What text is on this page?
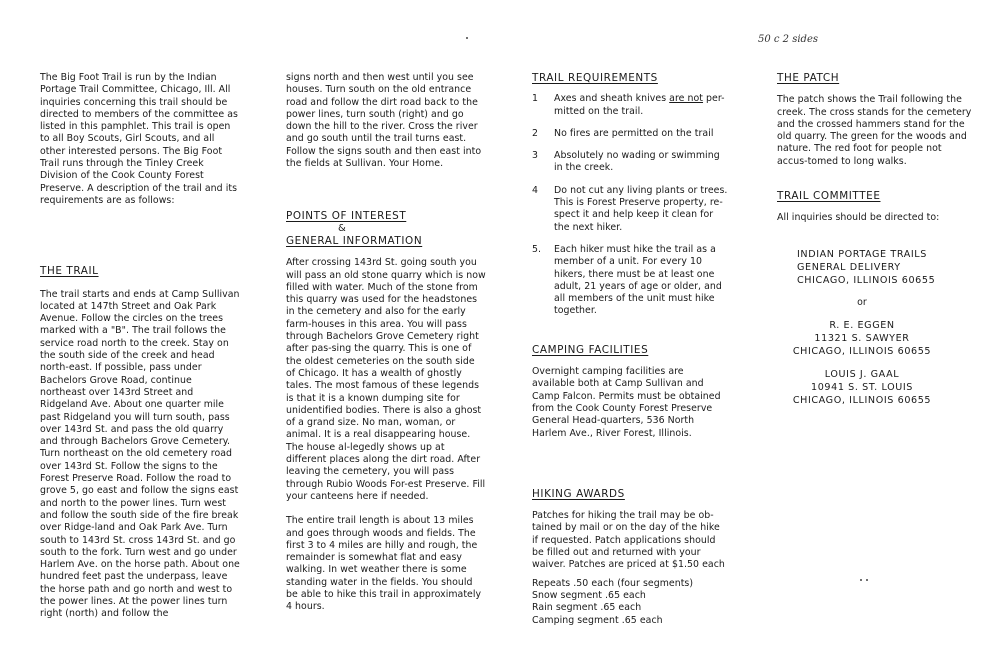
50 c 2 sides

The Big Foot Trail is run by the Indian Portage Trail Committee, Chicago, Ill. All inquiries concerning this trail should be directed to members of the committee as listed in this pamphlet. This trail is open to all Boy Scouts, Girl Scouts, and all other interested persons. The Big Foot Trail runs through the Tinley Creek Division of the Cook County Forest Preserve. A description of the trail and its requirements are as follows:

THE TRAIL

The trail starts and ends at Camp Sullivan located at 147th Street and Oak Park Avenue. Follow the circles on the trees marked with a "B". The trail follows the service road north to the creek. Stay on the south side of the creek and head north-east. If possible, pass under Bachelors Grove Road, continue northeast over 143rd Street and Ridgeland Ave. About one quarter mile past Ridgeland you will turn south, pass over 143rd St. and pass the old quarry and through Bachelors Grove Cemetery. Turn northeast on the old cemetery road over 143rd St. Follow the signs to the Forest Preserve Road. Follow the road to grove 5, go east and follow the signs east and north to the power lines. Turn west and follow the south side of the fire break over Ridge-land and Oak Park Ave. Turn south to 143rd St. cross 143rd St. and go south to the fork. Turn west and go under Harlem Ave. on the horse path. About one hundred feet past the underpass, leave the horse path and go north and west to the power lines. At the power lines turn right (north) and follow the

signs north and then west until you see houses. Turn south on the old entrance road and follow the dirt road back to the power lines, turn south (right) and go down the hill to the river. Cross the river and go south until the trail turns east. Follow the signs south and then east into the fields at Sullivan. Your Home.

POINTS OF INTEREST

&

GENERAL INFORMATION

After crossing 143rd St. going south you will pass an old stone quarry which is now filled with water. Much of the stone from this quarry was used for the headstones in the cemetery and also for the early farm-houses in this area. You will pass through Bachelors Grove Cemetery right after pas-sing the quarry. This is one of the oldest cemeteries on the south side of Chicago. It has a wealth of ghostly tales. The most famous of these legends is that it is a known dumping site for unidentified bodies. There is also a ghost of a grand size. No man, woman, or animal. It is a real disappearing house. The house al-legedly shows up at different places along the dirt road. After leaving the cemetery, you will pass through Rubio Woods For-est Preserve. Fill your canteens here if needed.

The entire trail length is about 13 miles and goes through woods and fields. The first 3 to 4 miles are hilly and rough, the remainder is somewhat flat and easy walking. In wet weather there is some standing water in the fields. You should be able to hike this trail in approximately 4 hours.

TRAIL REQUIREMENTS

1	Axes and sheath knives are not per-mitted on the trail.
2	No fires are permitted on the trail
3	Absolutely no wading or swimming in the creek.
4	Do not cut any living plants or trees. This is Forest Preserve property, re-spect it and help keep it clean for the next hiker.
5.	Each hiker must hike the trail as a member of a unit. For every 10 hikers, there must be at least one adult, 21 years of age or older, and all members of the unit must hike together.

CAMPING FACILITIES

Overnight camping facilities are available both at Camp Sullivan and Camp Falcon. Permits must be obtained from the Cook County Forest Preserve General Head-quarters, 536 North Harlem Ave., River Forest, Illinois.

HIKING AWARDS

Patches for hiking the trail may be ob-tained by mail or on the day of the hike if requested. Patch applications should be filled out and returned with your waiver. Patches are priced at $1.50 each

Repeats .50 each (four segments)

Snow segment .65 each

Rain segment .65 each

Camping segment .65 each

THE PATCH

The patch shows the Trail following the creek. The cross stands for the cemetery and the crossed hammers stand for the old quarry. The green for the woods and nature. The red foot for people not accus-tomed to long walks.

TRAIL COMMITTEE

All inquiries should be directed to:

INDIAN PORTAGE TRAILS
GENERAL DELIVERY
CHICAGO, ILLINOIS 60655

or

R. E. EGGEN
11321 S. SAWYER
CHICAGO, ILLINOIS 60655
LOUIS J. GAAL
10941 S. ST. LOUIS
CHICAGO, ILLINOIS 60655
